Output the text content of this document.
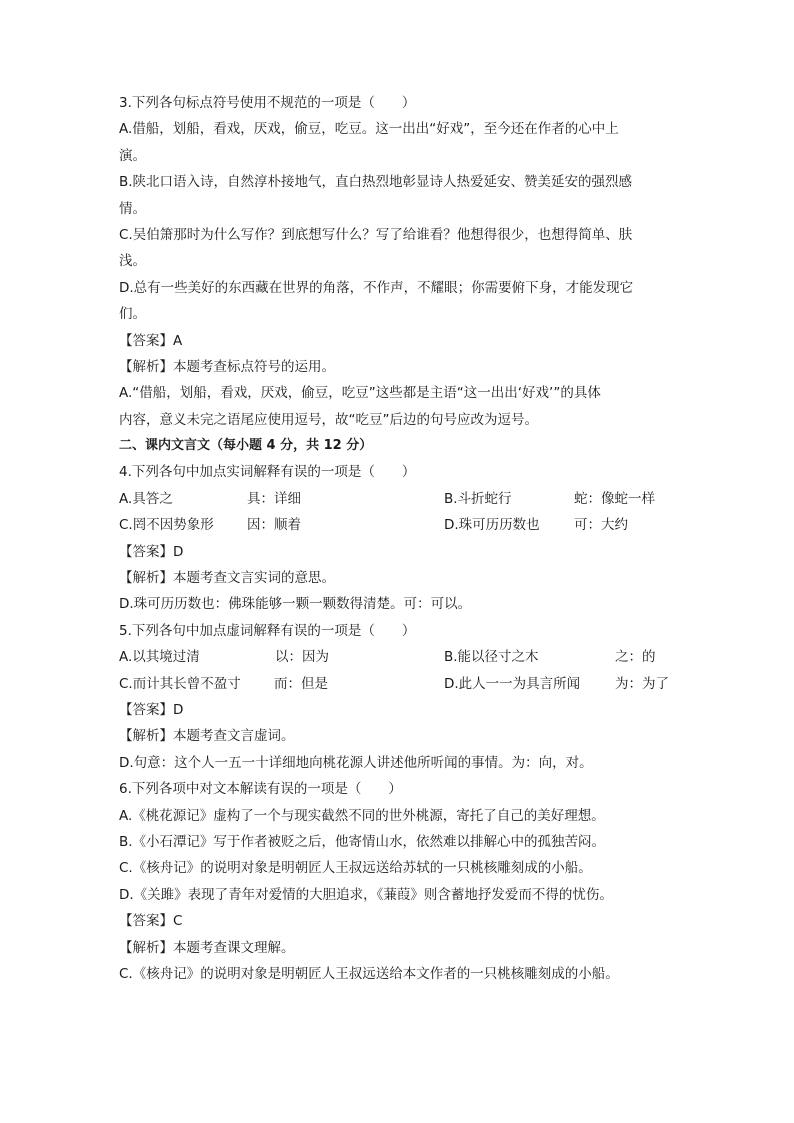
3.下列各句标点符号使用不规范的一项是（　　）
A.借船，划船，看戏，厌戏，偷豆，吃豆。这一出出“好戏”，至今还在作者的心中上
演。
B.陕北口语入诗，自然淳朴接地气，直白热烈地彰显诗人热爱延安、赞美延安的强烈感
情。
C.吴伯箫那时为什么写作？到底想写什么？写了给谁看？他想得很少，也想得简单、肤
浅。
D.总有一些美好的东西藏在世界的角落，不作声，不耀眼；你需要俯下身，才能发现它
们。
【答案】A
【解析】本题考查标点符号的运用。
A.“借船，划船，看戏，厌戏，偷豆，吃豆”这些都是主语“这一出出‘好戏’”的具体
内容，意义未完之语尾应使用逗号，故“吃豆”后边的句号应改为逗号。
二、课内文言文（每小题 4 分，共 12 分）
4.下列各句中加点实词解释有误的一项是（　　）
A.具答之	具：详细	B.斗折蛇行	蛇：像蛇一样
C.罔不因势象形 因：顺着	D.珠可历历数也	可：大约
【答案】D
【解析】本题考查文言实词的意思。
D.珠可历历数也：佛珠能够一颗一颗数得清楚。可：可以。
5.下列各句中加点虚词解释有误的一项是（　　）
A.以其境过清	以：因为	B.能以径寸之木	之：的
C.而计其长曾不盈寸 而：但是	D.此人一一为具言所闻	为：为了
【答案】D
【解析】本题考查文言虚词。
D.句意：这个人一五一十详细地向桃花源人讲述他所听闻的事情。为：向，对。
6.下列各项中对文本解读有误的一项是（　　）
A.《桃花源记》虚构了一个与现实截然不同的世外桃源，寄托了自己的美好理想。
B.《小石潭记》写于作者被贬之后，他寄情山水，依然难以排解心中的孤独苦闷。
C.《核舟记》的说明对象是明朝匠人王叔远送给苏轼的一只桃核雕刻成的小船。
D.《关雎》表现了青年对爱情的大胆追求，《蒹葭》则含蓄地抒发爱而不得的忧伤。
【答案】C
【解析】本题考查课文理解。
C.《核舟记》的说明对象是明朝匠人王叔远送给本文作者的一只桃核雕刻成的小船。
